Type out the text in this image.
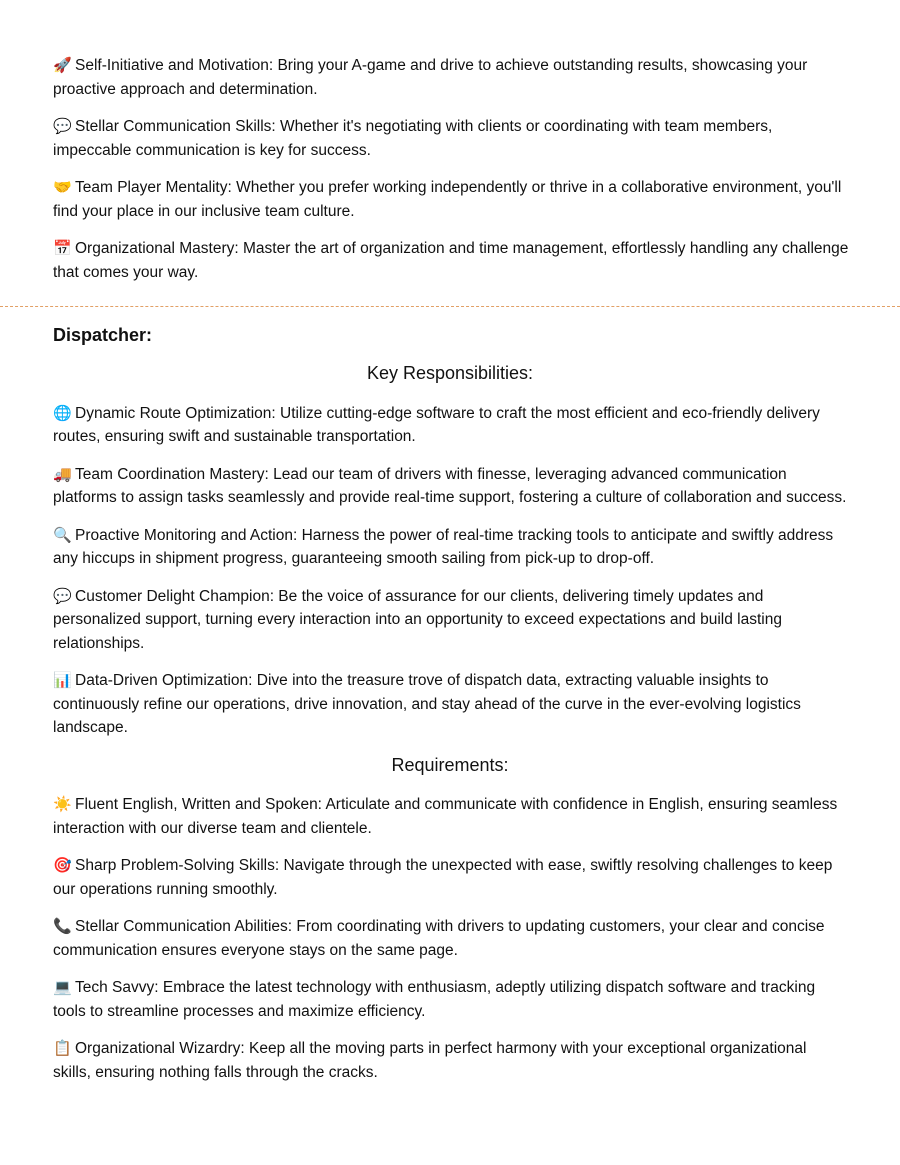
🚀 Self-Initiative and Motivation: Bring your A-game and drive to achieve outstanding results, showcasing your proactive approach and determination.

💬 Stellar Communication Skills: Whether it's negotiating with clients or coordinating with team members, impeccable communication is key for success.

🤝 Team Player Mentality: Whether you prefer working independently or thrive in a collaborative environment, you'll find your place in our inclusive team culture.

📅 Organizational Mastery: Master the art of organization and time management, effortlessly handling any challenge that comes your way.

Dispatcher:

Key Responsibilities:

🌐 Dynamic Route Optimization: Utilize cutting-edge software to craft the most efficient and eco-friendly delivery routes, ensuring swift and sustainable transportation.

🚚 Team Coordination Mastery: Lead our team of drivers with finesse, leveraging advanced communication platforms to assign tasks seamlessly and provide real-time support, fostering a culture of collaboration and success.

🔍 Proactive Monitoring and Action: Harness the power of real-time tracking tools to anticipate and swiftly address any hiccups in shipment progress, guaranteeing smooth sailing from pick-up to drop-off.

💬 Customer Delight Champion: Be the voice of assurance for our clients, delivering timely updates and personalized support, turning every interaction into an opportunity to exceed expectations and build lasting relationships.

📊 Data-Driven Optimization: Dive into the treasure trove of dispatch data, extracting valuable insights to continuously refine our operations, drive innovation, and stay ahead of the curve in the ever-evolving logistics landscape.

Requirements:

☀️ Fluent English, Written and Spoken: Articulate and communicate with confidence in English, ensuring seamless interaction with our diverse team and clientele.

🎯 Sharp Problem-Solving Skills: Navigate through the unexpected with ease, swiftly resolving challenges to keep our operations running smoothly.

📞 Stellar Communication Abilities: From coordinating with drivers to updating customers, your clear and concise communication ensures everyone stays on the same page.

💻 Tech Savvy: Embrace the latest technology with enthusiasm, adeptly utilizing dispatch software and tracking tools to streamline processes and maximize efficiency.

📋 Organizational Wizardry: Keep all the moving parts in perfect harmony with your exceptional organizational skills, ensuring nothing falls through the cracks.
